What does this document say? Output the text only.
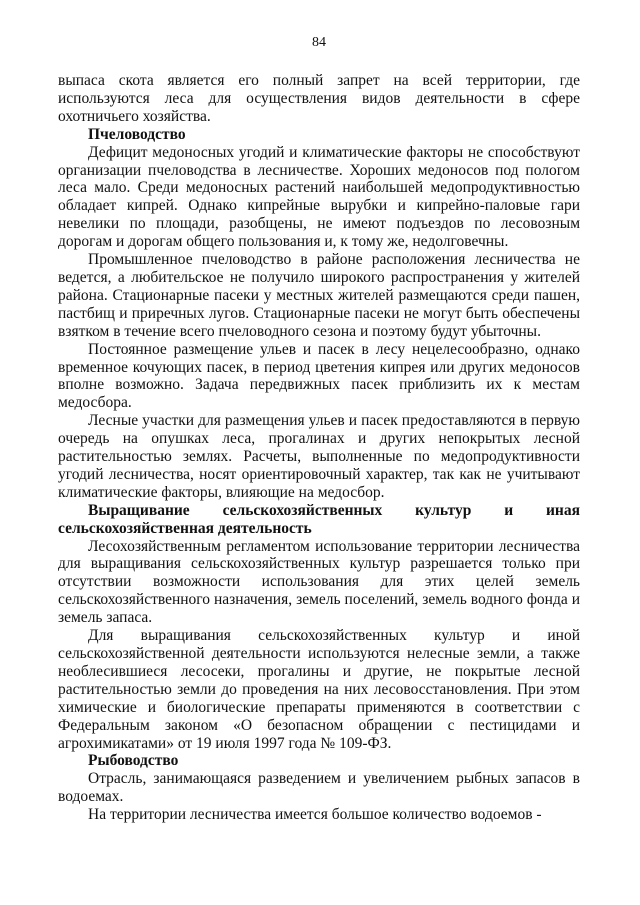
84

выпаса скота является его полный запрет на всей территории, где используются леса для осуществления видов деятельности в сфере охотничьего хозяйства.

Пчеловодство

Дефицит медоносных угодий и климатические факторы не способствуют организации пчеловодства в лесничестве. Хороших медоносов под пологом леса мало. Среди медоносных растений наибольшей медопродуктивностью обладает кипрей. Однако кипрейные вырубки и кипрейно-паловые гари невелики по площади, разобщены, не имеют подъездов по лесовозным дорогам и дорогам общего пользования и, к тому же, недолговечны.

Промышленное пчеловодство в районе расположения лесничества не ведется, а любительское не получило широкого распространения у жителей района. Стационарные пасеки у местных жителей размещаются среди пашен, пастбищ и приречных лугов. Стационарные пасеки не могут быть обеспечены взятком в течение всего пчеловодного сезона и поэтому будут убыточны.

Постоянное размещение ульев и пасек в лесу нецелесообразно, однако временное кочующих пасек, в период цветения кипрея или других медоносов вполне возможно. Задача передвижных пасек приблизить их к местам медосбора.

Лесные участки для размещения ульев и пасек предоставляются в первую очередь на опушках леса, прогалинах и других непокрытых лесной растительностью землях. Расчеты, выполненные по медопродуктивности угодий лесничества, носят ориентировочный характер, так как не учитывают климатические факторы, влияющие на медосбор.

Выращивание сельскохозяйственных культур и иная сельскохозяйственная деятельность

Лесохозяйственным регламентом использование территории лесничества для выращивания сельскохозяйственных культур разрешается только при отсутствии возможности использования для этих целей земель сельскохозяйственного назначения, земель поселений, земель водного фонда и земель запаса.

Для выращивания сельскохозяйственных культур и иной сельскохозяйственной деятельности используются нелесные земли, а также необлесившиеся лесосеки, прогалины и другие, не покрытые лесной растительностью земли до проведения на них лесовосстановления. При этом химические и биологические препараты применяются в соответствии с Федеральным законом «О безопасном обращении с пестицидами и агрохимикатами» от 19 июля 1997 года № 109-ФЗ.

Рыбоводство

Отрасль, занимающаяся разведением и увеличением рыбных запасов в водоемах.

На территории лесничества имеется большое количество водоемов -
